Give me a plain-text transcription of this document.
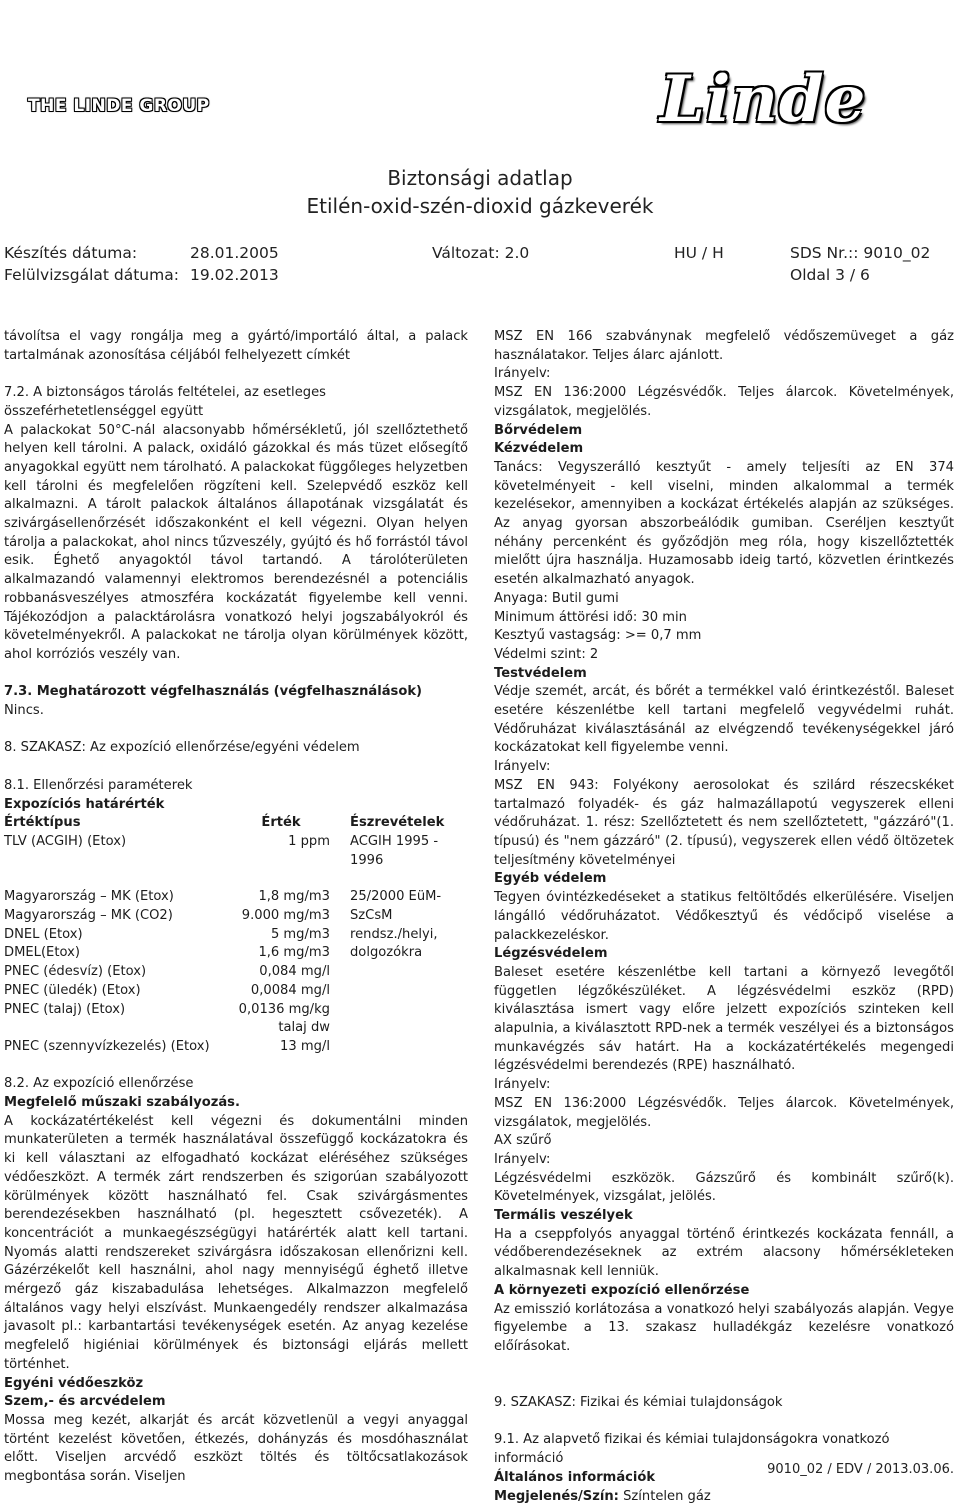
THE LINDE GROUP	Linde
Biztonsági adatlap
Etilén-oxid-szén-dioxid gázkeverék
Készítés dátuma:	28.01.2005	Változat: 2.0	HU / H	SDS Nr.:: 9010_02
Felülvizsgálat dátuma: 19.02.2013	Oldal 3 / 6
távolítsa el vagy rongálja meg a gyártó/importáló által, a palack tartalmának azonosítása céljából felhelyezett címkét
7.2. A biztonságos tárolás feltételei, az esetleges összeférhetetlenséggel együtt
A palackokat 50°C-nál alacsonyabb hőmérsékletű, jól szellőztethető helyen kell tárolni. A palack, oxidáló gázokkal és más tüzet elősegítő anyagokkal együtt nem tárolható. A palackokat függőleges helyzetben kell tárolni és megfelelően rögzíteni kell. Szelepvédő eszköz kell alkalmazni. A tárolt palackok általános állapotának vizsgálatát és szivárgásellenőrzését időszakonként el kell végezni. Olyan helyen tárolja a palackokat, ahol nincs tűzveszély, gyújtó és hő forrástól távol esik. Éghető anyagoktól távol tartandó. A tárolóterületen alkalmazandó valamennyi elektromos berendezésnél a potenciális robbanásveszélyes atmoszféra kockázatát figyelembe kell venni. Tájékozódjon a palacktárolásra vonatkozó helyi jogszabályokról és követelményekről. A palackokat ne tárolja olyan körülmények között, ahol korróziós veszély van.
7.3. Meghatározott végfelhasználás (végfelhasználások)
Nincs.
8. SZAKASZ: Az expozíció ellenőrzése/egyéni védelem
8.1. Ellenőrzési paraméterek
Expozíciós határérték
Értéktípus	Érték	Észrevételek
TLV (ACGIH) (Etox)	1 ppm	ACGIH 1995 - 1996

Magyarország – MK (Etox)	1,8 mg/m3	25/2000 EüM-
Magyarország – MK (CO2)	9.000 mg/m3	SzCsM
DNEL (Etox)	5 mg/m3	rendsz./helyi,
DMEL(Etox)	1,6 mg/m3	dolgozókra
PNEC (édesvíz) (Etox)	0,084 mg/l	
PNEC (üledék) (Etox)	0,0084 mg/l	
PNEC (talaj) (Etox)	0,0136 mg/kg talaj dw	
PNEC (szennyvízkezelés) (Etox)	13 mg/l	
8.2. Az expozíció ellenőrzése
Megfelelő műszaki szabályozás.
A kockázatértékelést kell végezni és dokumentálni minden munkaterületen a termék használatával összefüggő kockázatokra és ki kell választani az elfogadható kockázat eléréséhez szükséges védőeszközt. A termék zárt rendszerben és szigorúan szabályozott körülmények között használható fel. Csak szivárgásmentes berendezésekben használható (pl. hegesztett csővezeték). A koncentrációt a munkaegészségügyi határérték alatt kell tartani. Nyomás alatti rendszereket szivárgásra időszakosan ellenőrizni kell. Gázérzékelőt kell használni, ahol nagy mennyiségű éghető illetve mérgező gáz kiszabadulása lehetséges. Alkalmazzon megfelelő általános vagy helyi elszívást. Munkaengedély rendszer alkalmazása javasolt pl.: karbantartási tevékenységek esetén. Az anyag kezelése megfelelő higiéniai körülmények és biztonsági eljárás mellett történhet.
Egyéni védőeszköz
Szem,- és arcvédelem
Mossa meg kezét, alkarját és arcát közvetlenül a vegyi anyaggal történt kezelést követően, étkezés, dohányzás és mosdóhasználat előtt. Viseljen arcvédő eszközt töltés és töltőcsatlakozások megbontása során. Viseljen
MSZ EN 166 szabványnak megfelelő védőszemüveget a gáz használatakor. Teljes álarc ajánlott.
Irányelv:
MSZ EN 136:2000 Légzésvédők. Teljes álarcok. Követelmények, vizsgálatok, megjelölés.
Bőrvédelem
Kézvédelem
Tanács: Vegyszerálló kesztyűt - amely teljesíti az EN 374 követelményeit - kell viselni, minden alkalommal a termék kezelésekor, amennyiben a kockázat értékelés alapján az szükséges. Az anyag gyorsan abszorbeálódik gumiban. Cseréljen kesztyűt néhány percenként és győződjön meg róla, hogy kiszellőztették mielőtt újra használja. Huzamosabb ideig tartó, közvetlen érintkezés esetén alkalmazható anyagok.
Anyaga: Butil gumi
Minimum áttörési idő: 30 min
Kesztyű vastagság: >= 0,7 mm
Védelmi szint: 2
Testvédelem
Védje szemét, arcát, és bőrét a termékkel való érintkezéstől. Baleset esetére készenlétbe kell tartani megfelelő vegyvédelmi ruhát. Védőruházat kiválasztásánál az elvégzendő tevékenységekkel járó kockázatokat kell figyelembe venni.
Irányelv:
MSZ EN 943: Folyékony aerosolokat és szilárd részecskéket tartalmazó folyadék- és gáz halmazállapotú vegyszerek elleni védőruházat. 1. rész: Szellőztetett és nem szellőztetett, "gázzáró"(1. típusú) és "nem gázzáró" (2. típusú), vegyszerek ellen védő öltözetek teljesítmény követelményei
Egyéb védelem
Tegyen óvintézkedéseket a statikus feltöltődés elkerülésére. Viseljen lángálló védőruházatot. Védőkesztyű és védőcipő viselése a palackkezeléskor.
Légzésvédelem
Baleset esetére készenlétbe kell tartani a környező levegőtől független légzőkészüléket. A légzésvédelmi eszköz (RPD) kiválasztása ismert vagy előre jelzett expozíciós szinteken kell alapulnia, a kiválasztott RPD-nek a termék veszélyei és a biztonságos munkavégzés sáv határt. Ha a kockázatértékelés megengedi légzésvédelmi berendezés (RPE) használható.
Irányelv:
MSZ EN 136:2000 Légzésvédők. Teljes álarcok. Követelmények, vizsgálatok, megjelölés.
AX szűrő
Irányelv:
Légzésvédelmi eszközök. Gázszűrő és kombinált szűrő(k). Követelmények, vizsgálat, jelölés.
Termális veszélyek
Ha a cseppfolyós anyaggal történő érintkezés kockázata fennáll, a védőberendezéseknek az extrém alacsony hőmérsékleteken alkalmasnak kell lenniük.
A környezeti expozíció ellenőrzése
Az emisszió korlátozása a vonatkozó helyi szabályozás alapján. Vegye figyelembe a 13. szakasz hulladékgáz kezelésre vonatkozó előírásokat.
9. SZAKASZ: Fizikai és kémiai tulajdonságok
9.1. Az alapvető fizikai és kémiai tulajdonságokra vonatkozó információ
Általános információk
Megjelenés/Szín: Színtelen gáz
9010_02 / EDV / 2013.03.06.
